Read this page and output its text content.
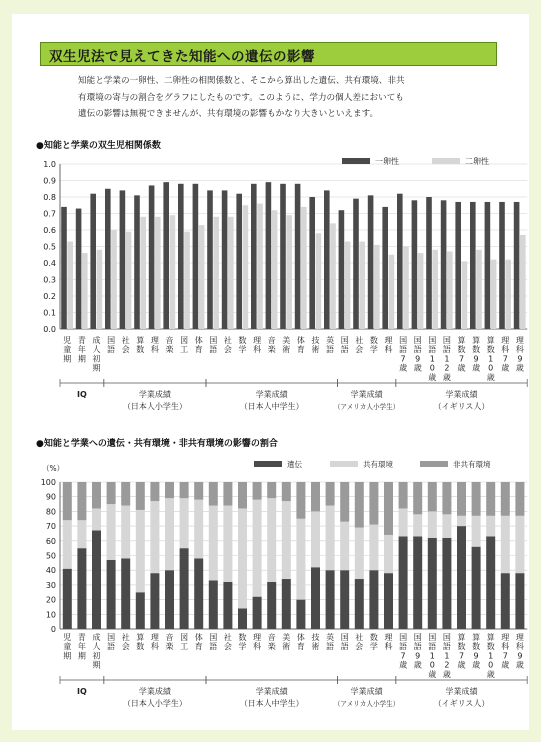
双生児法で見えてきた知能への遺伝の影響
知能と学業の一卵性、二卵性の相関係数と、そこから算出した遺伝、共有環境、非共
有環境の寄与の割合をグラフにしたものです。このように、学力の個人差においても
遺伝の影響は無視できませんが、共有環境の影響もかなり大きいといえます。
●知能と学業の双生児相関係数
0.0
0.1
0.2
0.3
0.4
0.5
0.6
0.7
0.8
0.9
1.0	一卵性	二卵性
児
童
期
青
年
期
成
人
初
期
国
語
社
会
算
数
理
科
音
楽
図
工
体
育
国
語
社
会
数
学
理
科
音
楽
美
術
体
育
技
術
英
語
国
語
社
会
数
学
理
科
国
語
7
歳
国
語
9
歳
国
語
1
0
歳
国
語
1
2
歳
算
数
7
歳
算
数
9
歳
算
数
1
0
歳
理
科
7
歳
理
科
9
歳
IQ	学業成績
（日本人小学生）
学業成績
（日本人中学生）
学業成績
（アメリカ人小学生）
学業成績
（イギリス人）
●知能と学業への遺伝・共有環境・非共有環境の影響の割合
0
10
20
30
40
50
60
70
80
90
100
（%）	遺伝	共有環境	非共有環境
児
童
期
青
年
期
成
人
初
期
国
語
社
会
算
数
理
科
音
楽
図
工
体
育
国
語
社
会
数
学
理
科
音
楽
美
術
体
育
技
術
英
語
国
語
社
会
数
学
理
科
国
語
7
歳
国
語
9
歳
国
語
1
0
歳
国
語
1
2
歳
算
数
7
歳
算
数
9
歳
算
数
1
0
歳
理
科
7
歳
理
科
9
歳
IQ	学業成績
（日本人小学生）
学業成績
（日本人中学生）
学業成績
（アメリカ人小学生）
学業成績
（イギリス人）
